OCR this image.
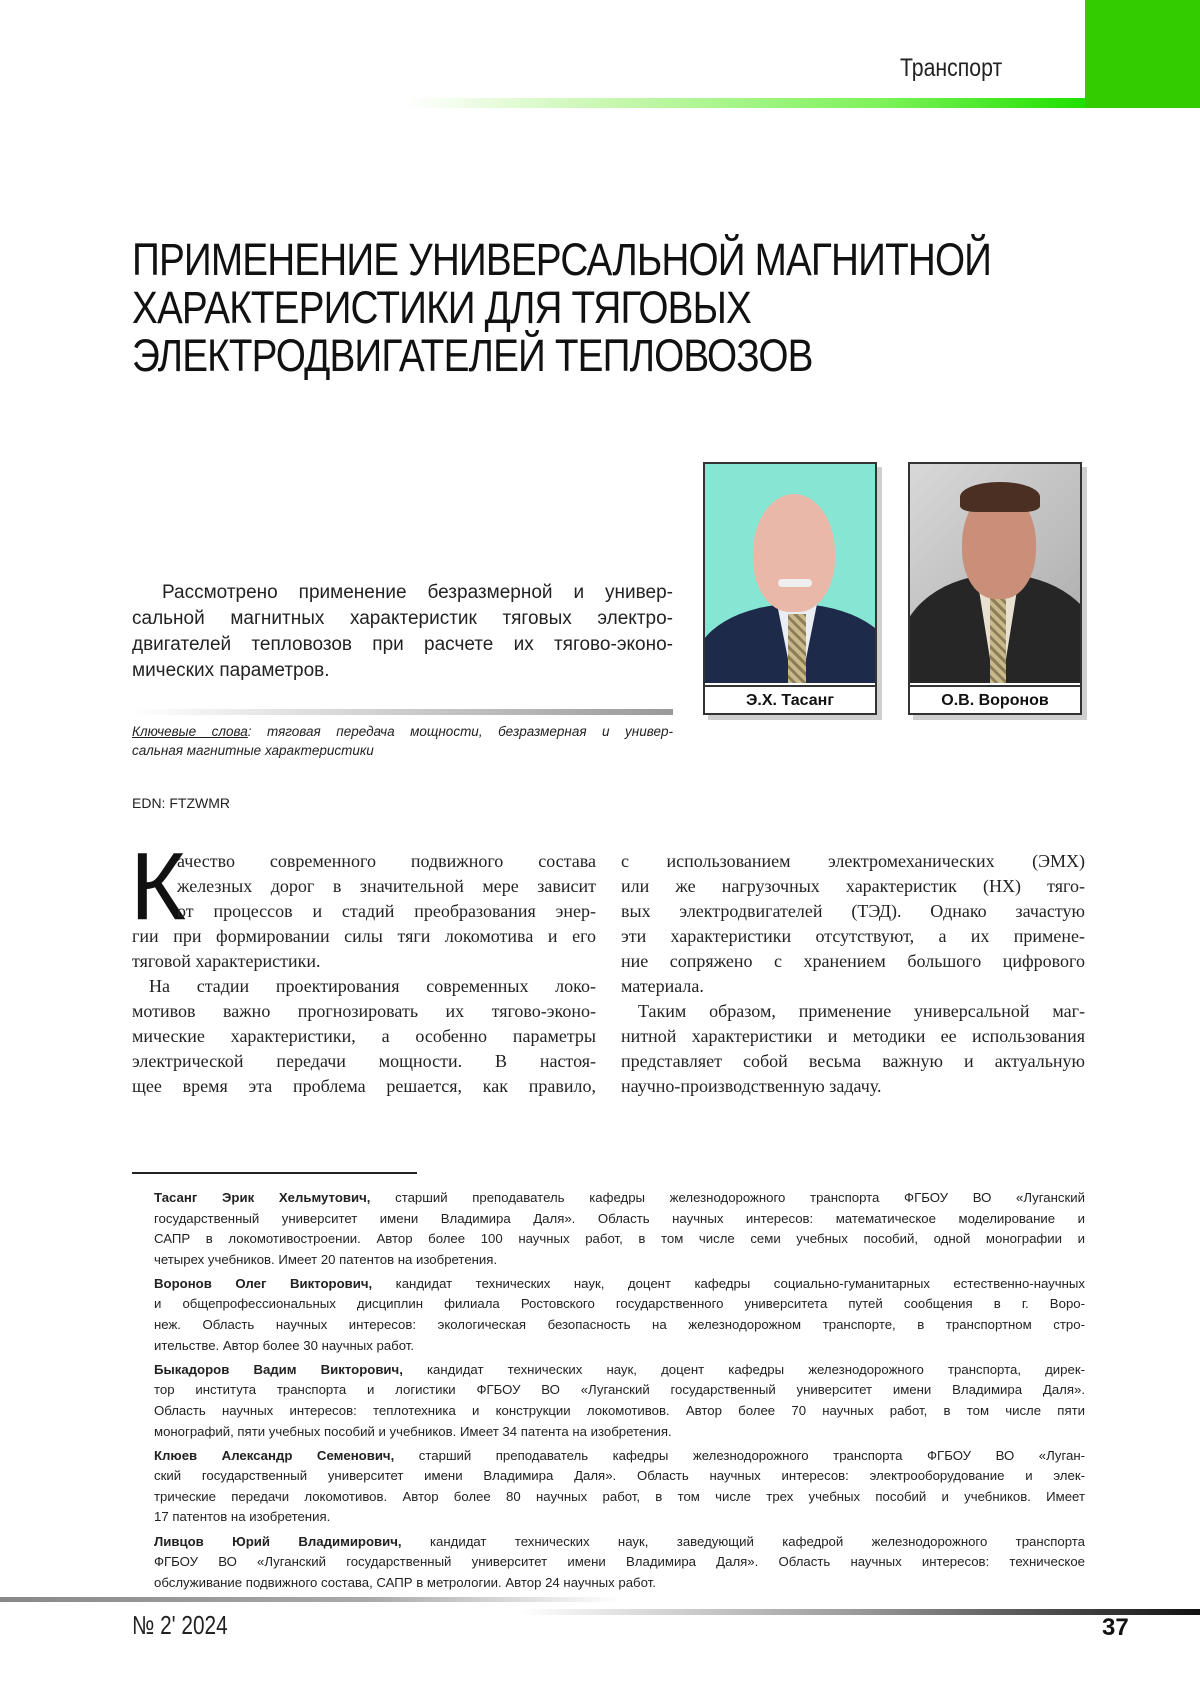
Транспорт
ПРИМЕНЕНИЕ УНИВЕРСАЛЬНОЙ МАГНИТНОЙ
ХАРАКТЕРИСТИКИ ДЛЯ ТЯГОВЫХ
ЭЛЕКТРОДВИГАТЕЛЕЙ ТЕПЛОВОЗОВ
Э.Х. Тасанг	О.В. Воронов
Рассмотрено применение безразмерной и универ-
сальной магнитных характеристик тяговых электро-
двигателей тепловозов при расчете их тягово-эконо-
мических параметров.
Ключевые слова: тяговая передача мощности, безразмерная и универ-
сальная магнитные характеристики
EDN: FTZWMR
К
ачество современного подвижного состава
железных дорог в значительной мере зависит
от процессов и стадий преобразования энер-
гии при формировании силы тяги локомотива и его
тяговой характеристики.
На стадии проектирования современных локо-
мотивов важно прогнозировать их тягово-эконо-
мические характеристики, а особенно параметры
электрической передачи мощности. В настоя-
щее время эта проблема решается, как правило,
с использованием электромеханических (ЭМХ)
или же нагрузочных характеристик (НХ) тяго-
вых электродвигателей (ТЭД). Однако зачастую
эти характеристики отсутствуют, а их примене-
ние сопряжено с хранением большого цифрового
материала.
Таким образом, применение универсальной маг-
нитной характеристики и методики ее использования
представляет собой весьма важную и актуальную
научно-производственную задачу.
Тасанг Эрик Хельмутович, старший преподаватель кафедры железнодорожного транспорта ФГБОУ ВО «Луганский
государственный университет имени Владимира Даля». Область научных интересов: математическое моделирование и
САПР в локомотивостроении. Автор более 100 научных работ, в том числе семи учебных пособий, одной монографии и
четырех учебников. Имеет 20 патентов на изобретения.
Воронов Олег Викторович, кандидат технических наук, доцент кафедры социально-гуманитарных естественно-научных
и общепрофессиональных дисциплин филиала Ростовского государственного университета путей сообщения в г. Воро-
неж. Область научных интересов: экологическая безопасность на железнодорожном транспорте, в транспортном стро-
ительстве. Автор более 30 научных работ.
Быкадоров Вадим Викторович, кандидат технических наук, доцент кафедры железнодорожного транспорта, дирек-
тор института транспорта и логистики ФГБОУ ВО «Луганский государственный университет имени Владимира Даля».
Область научных интересов: теплотехника и конструкции локомотивов. Автор более 70 научных работ, в том числе пяти
монографий, пяти учебных пособий и учебников. Имеет 34 патента на изобретения.
Клюев Александр Семенович, старший преподаватель кафедры железнодорожного транспорта ФГБОУ ВО «Луган-
ский государственный университет имени Владимира Даля». Область научных интересов: электрооборудование и элек-
трические передачи локомотивов. Автор более 80 научных работ, в том числе трех учебных пособий и учебников. Имеет
17 патентов на изобретения.
Ливцов Юрий Владимирович, кандидат технических наук, заведующий кафедрой железнодорожного транспорта
ФГБОУ ВО «Луганский государственный университет имени Владимира Даля». Область научных интересов: техническое
обслуживание подвижного состава, САПР в метрологии. Автор 24 научных работ.
№ 2' 2024	37
